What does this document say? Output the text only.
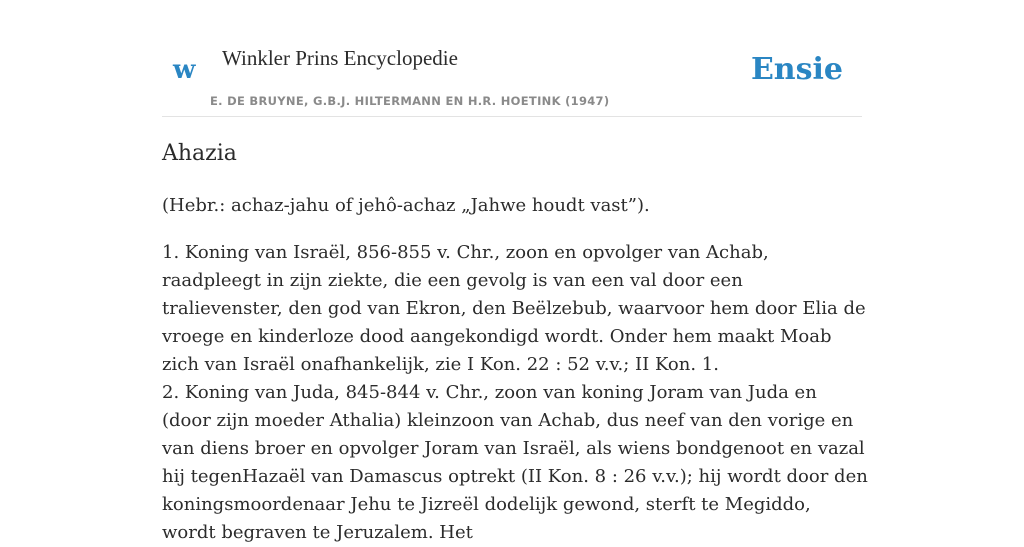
w Winkler Prins Encyclopedie
E. DE BRUYNE, G.B.J. HILTERMANN EN H.R. HOETINK (1947)
Ensie
Ahazia

(Hebr.: achaz-jahu of jehô-achaz „Jahwe houdt vast”).

1. Koning van Israël, 856-855 v. Chr., zoon en opvolger van Achab, raadpleegt in zijn ziekte, die een gevolg is van een val door een tralievenster, den god van Ekron, den Beëlzebub, waarvoor hem door Elia de vroege en kinderloze dood aangekondigd wordt. Onder hem maakt Moab zich van Israël onafhankelijk, zie I Kon. 22 : 52 v.v.; II Kon. 1.

2. Koning van Juda, 845-844 v. Chr., zoon van koning Joram van Juda en (door zijn moeder Athalia) kleinzoon van Achab, dus neef van den vorige en van diens broer en opvolger Joram van Israël, als wiens bondgenoot en vazal hij tegenHazaël van Damascus optrekt (II Kon. 8 : 26 v.v.); hij wordt door den koningsmoordenaar Jehu te Jizreël dodelijk gewond, sterft te Megiddo, wordt begraven te Jeruzalem. Het
